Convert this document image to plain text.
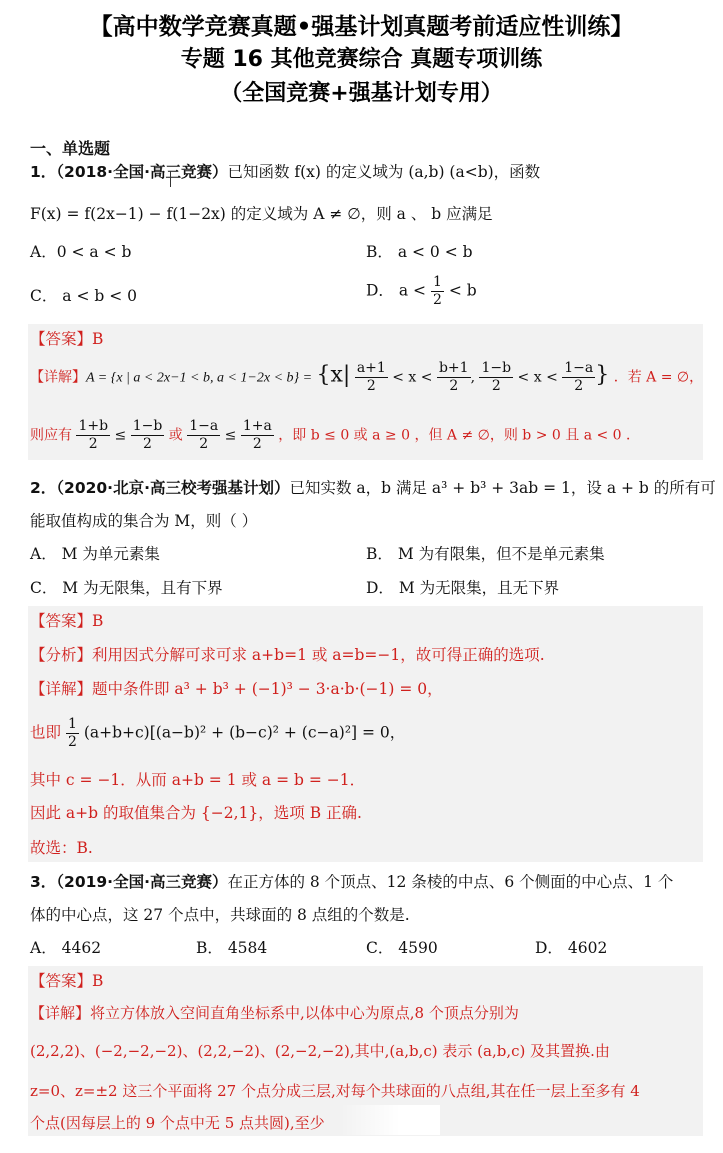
【高中数学竞赛真题•强基计划真题考前适应性训练】
专题 16 其他竞赛综合 真题专项训练
（全国竞赛+强基计划专用）
一、单选题
1．（2018·全国·高三竞赛）已知函数 f(x) 的定义域为 (a,b) (a<b)，函数
F(x) = f(2x−1) − f(1−2x) 的定义域为 A ≠ ∅，则 a 、 b 应满足
A．0 < a < b	B． a < 0 < b
C． a < b < 0	D． $a < \frac{1}{2} < b$
【答案】B
【详解】A = {x | a < 2x−1 < b, $a < 1-2x < b\} = \{x| \frac{a+1}{2} < x < \frac{b+1}{2}$ , $\frac{1-b}{2} < x < \frac{1-a}{2}$ } ．若 A = ∅，
则应有 $\frac{1+b}{2} \le \frac{1-b}{2}$ 或 $\frac{1-a}{2} \le \frac{1+a}{2}$ ，即 b ≤ 0 或 a ≥ 0 ，但 A ≠ ∅，则 b > 0 且 a < 0 ．
2．（2020·北京·高三校考强基计划）已知实数 a，b 满足 a³ + b³ + 3ab = 1，设 a + b 的所有可
能取值构成的集合为 M，则（ ）
A． M 为单元素集	B． M 为有限集，但不是单元素集
C． M 为无限集，且有下界	D． M 为无限集，且无下界
【答案】B
【分析】利用因式分解可求可求 a+b=1 或 a=b=−1，故可得正确的选项.
【详解】题中条件即 a³ + b³ + (−1)³ − 3·a·b·(−1) = 0，
也即 $\frac{1}{2} (a+b+c)[(a-b)^2 + (b-c)^2 + (c-a)^2] = 0$，
其中 c = −1．从而 a+b = 1 或 a = b = −1．
因此 a+b 的取值集合为 {−2,1}，选项 B 正确.
故选：B.
3．（2019·全国·高三竞赛）在正方体的 8 个顶点、12 条棱的中点、6 个侧面的中心点、1 个
体的中心点，这 27 个点中，共球面的 8 点组的个数是.
A． 4462	B． 4584	C． 4590	D． 4602
【答案】B
【详解】将立方体放入空间直角坐标系中,以体中心为原点,8 个顶点分别为
(2,2,2)、(−2,−2,−2)、(2,2,−2)、(2,−2,−2),其中,(a,b,c) 表示 (a,b,c) 及其置换.由
z=0、z=±2 这三个平面将 27 个点分成三层,对每个共球面的八点组,其在任一层上至多有 4
个点(因每层上的 9 个点中无 5 点共圆),至少
